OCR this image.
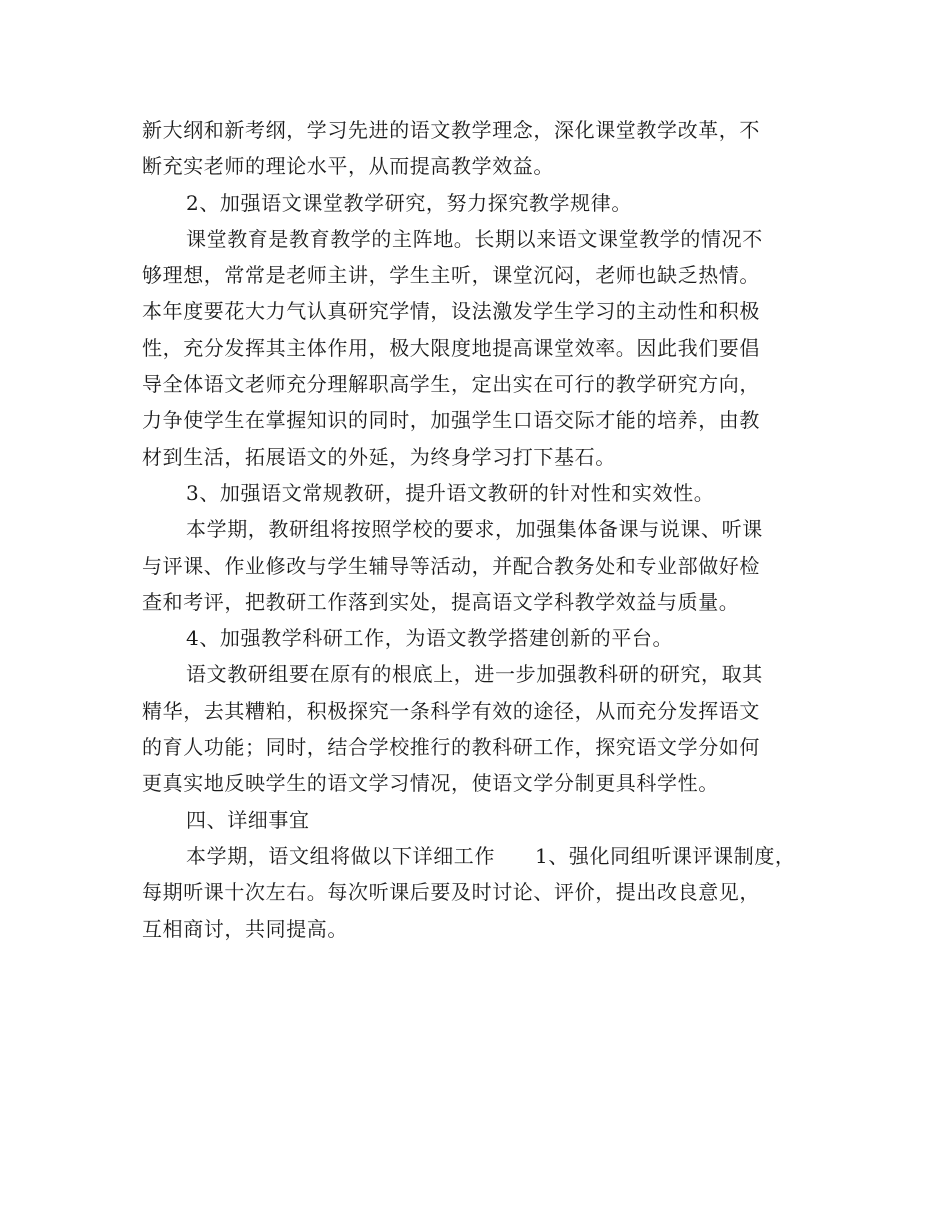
新大纲和新考纲，学习先进的语文教学理念，深化课堂教学改革，不
断充实老师的理论水平，从而提高教学效益。
2、加强语文课堂教学研究，努力探究教学规律。
课堂教育是教育教学的主阵地。长期以来语文课堂教学的情况不
够理想，常常是老师主讲，学生主听，课堂沉闷，老师也缺乏热情。
本年度要花大力气认真研究学情，设法激发学生学习的主动性和积极
性，充分发挥其主体作用，极大限度地提高课堂效率。因此我们要倡
导全体语文老师充分理解职高学生，定出实在可行的教学研究方向，
力争使学生在掌握知识的同时，加强学生口语交际才能的培养，由教
材到生活，拓展语文的外延，为终身学习打下基石。
3、加强语文常规教研，提升语文教研的针对性和实效性。
本学期，教研组将按照学校的要求，加强集体备课与说课、听课
与评课、作业修改与学生辅导等活动，并配合教务处和专业部做好检
查和考评，把教研工作落到实处，提高语文学科教学效益与质量。
4、加强教学科研工作，为语文教学搭建创新的平台。
语文教研组要在原有的根底上，进一步加强教科研的研究，取其
精华，去其糟粕，积极探究一条科学有效的途径，从而充分发挥语文
的育人功能；同时，结合学校推行的教科研工作，探究语文学分如何
更真实地反映学生的语文学习情况，使语文学分制更具科学性。
四、详细事宜
本学期，语文组将做以下详细工作 1、强化同组听课评课制度，
每期听课十次左右。每次听课后要及时讨论、评价，提出改良意见，
互相商讨，共同提高。
